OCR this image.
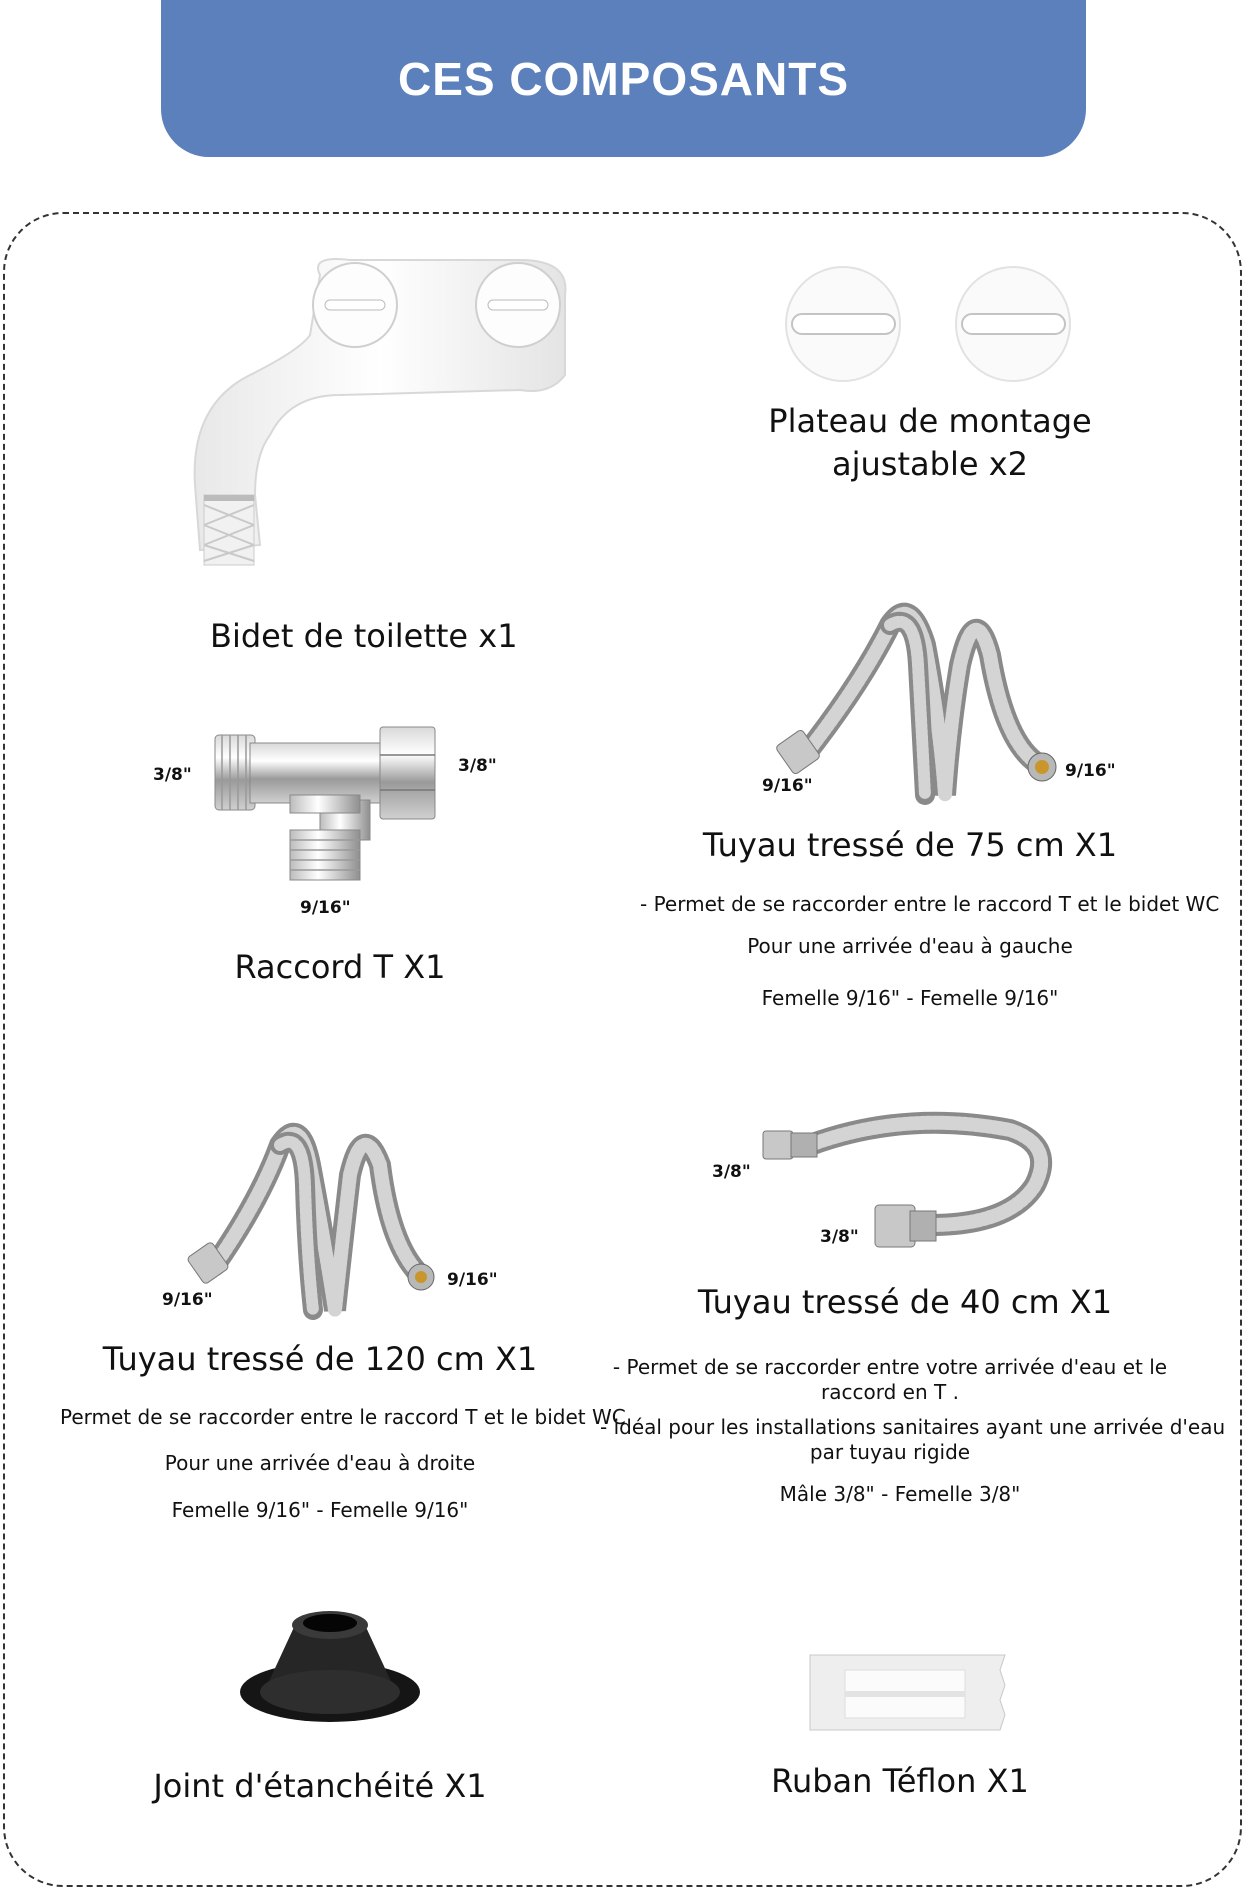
CES COMPOSANTS
Bidet de toilette x1
Plateau de montage
ajustable x2
3/8"	3/8"
9/16"
Raccord T X1
9/16"
9/16"
Tuyau tressé de 75 cm X1
- Permet de se raccorder entre le raccord T et le bidet WC
Pour une arrivée d'eau à gauche
Femelle 9/16" - Femelle 9/16"
9/16"
9/16"
Tuyau tressé de 120 cm X1
Permet de se raccorder entre le raccord T et le bidet WC
Pour une arrivée d'eau à droite
Femelle 9/16" - Femelle 9/16"
3/8"
3/8"
Tuyau tressé de 40 cm X1
- Permet de se raccorder entre votre arrivée d'eau et le
raccord en T .
- idéal pour les installations sanitaires ayant une arrivée d'eau
par tuyau rigide
Mâle 3/8" - Femelle 3/8"
Joint d'étanchéité X1	Ruban Téflon X1
